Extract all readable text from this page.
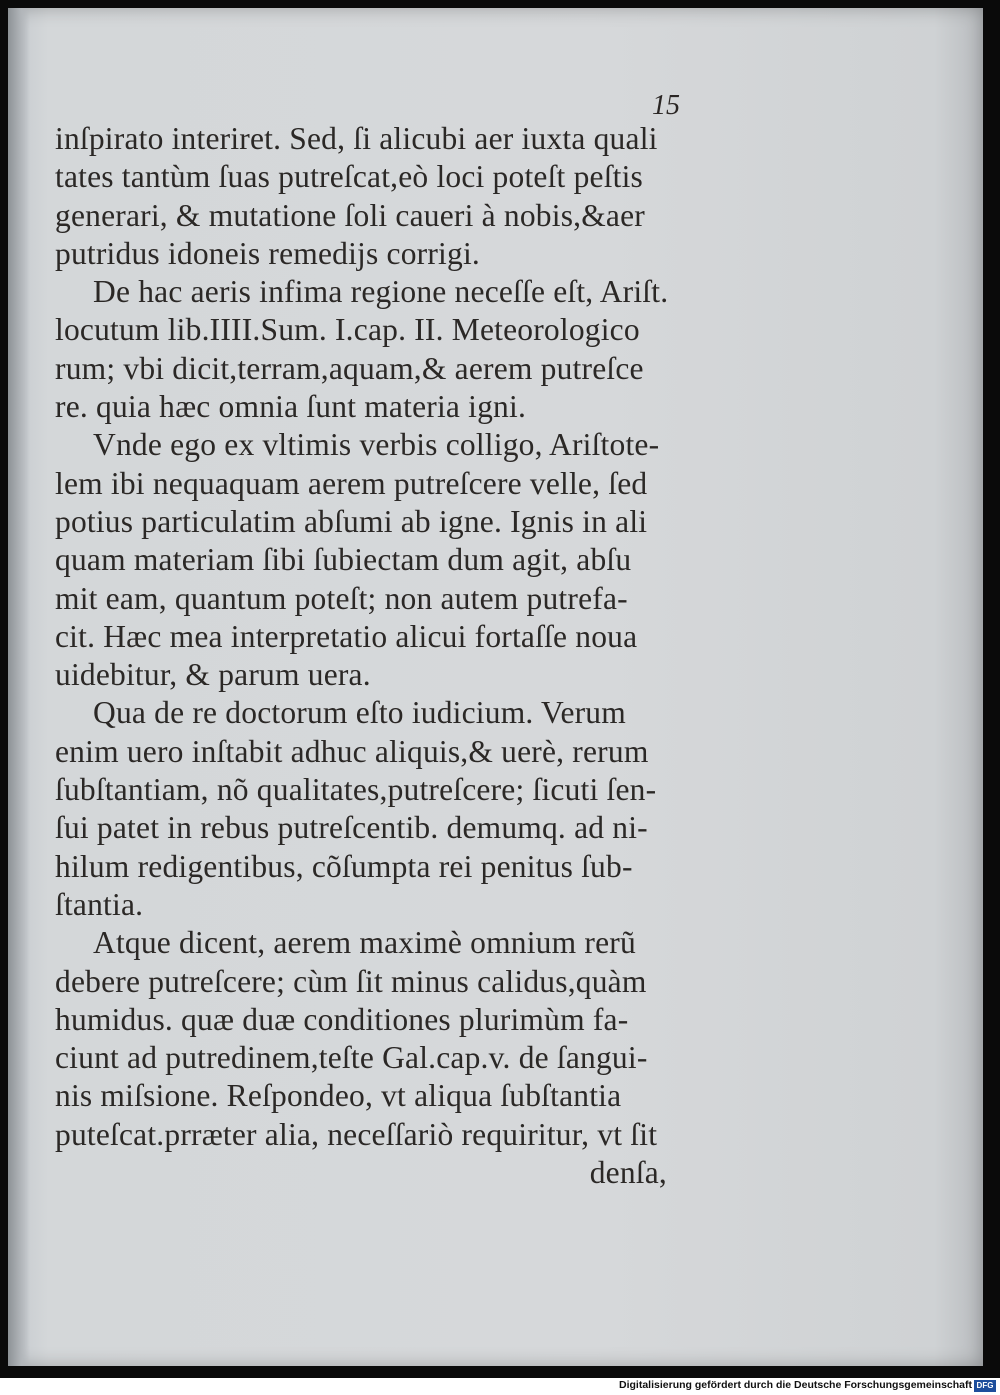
15
inſpirato interiret. Sed, ſi alicubi aer iuxta quali
tates tantùm ſuas putreſcat,eò loci poteſt peſtis
generari, & mutatione ſoli caueri à nobis,&aer
putridus idoneis remedijs corrigi.
De hac aeris infima regione neceſſe eſt, Ariſt.
locutum lib.IIII.Sum. I.cap. II. Meteorologico
rum; vbi dicit,terram,aquam,& aerem putreſce
re. quia hæc omnia ſunt materia igni.
Vnde ego ex vltimis verbis colligo, Ariſtote-
lem ibi nequaquam aerem putreſcere velle, ſed
potius particulatim abſumi ab igne. Ignis in ali
quam materiam ſibi ſubiectam dum agit, abſu
mit eam, quantum poteſt; non autem putrefa-
cit. Hæc mea interpretatio alicui fortaſſe noua
uidebitur, & parum uera.
Qua de re doctorum eſto iudicium. Verum
enim uero inſtabit adhuc aliquis,& uerè, rerum
ſubſtantiam, nõ qualitates,putreſcere; ſicuti ſen-
ſui patet in rebus putreſcentib. demumq. ad ni-
hilum redigentibus, cõſumpta rei penitus ſub-
ſtantia.
Atque dicent, aerem maximè omnium rerũ
debere putreſcere; cùm ſit minus calidus,quàm
humidus. quæ duæ conditiones plurimùm fa-
ciunt ad putredinem,teſte Gal.cap.v. de ſangui-
nis miſsione. Reſpondeo, vt aliqua ſubſtantia
puteſcat.prræter alia, neceſſariò requiritur, vt ſit
denſa,
Digitalisierung gefördert durch die Deutsche Forschungsgemeinschaft DFG
